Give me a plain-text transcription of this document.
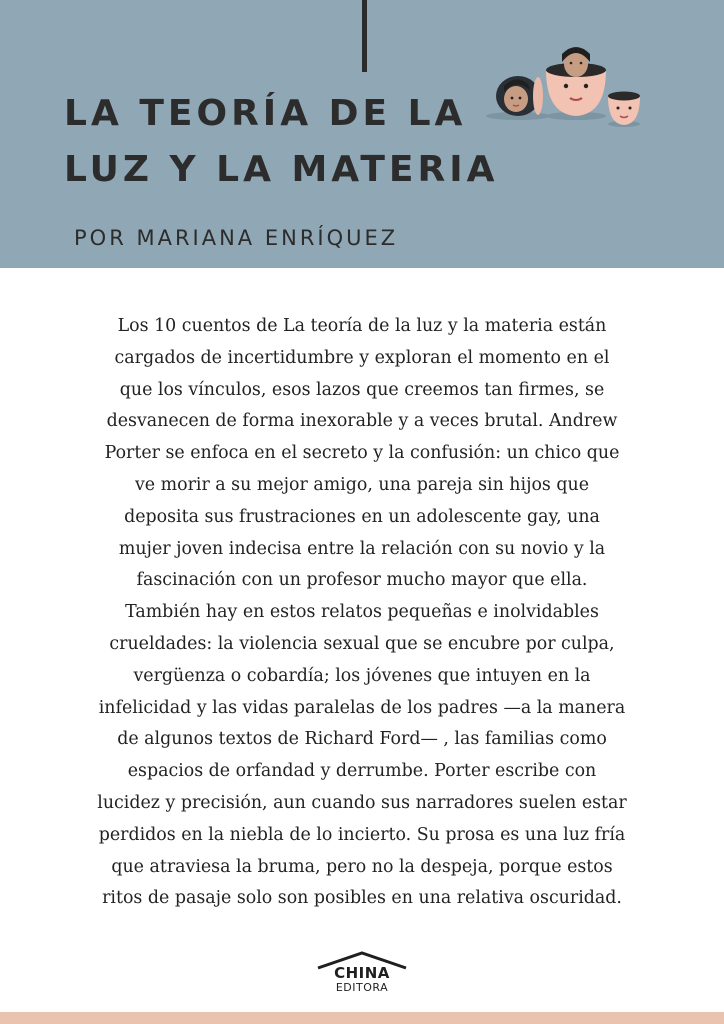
LA TEORÍA DE LA
LUZ Y LA MATERIA
POR MARIANA ENRÍQUEZ

Los 10 cuentos de La teoría de la luz y la materia están
cargados de incertidumbre y exploran el momento en el
que los vínculos, esos lazos que creemos tan firmes, se
desvanecen de forma inexorable y a veces brutal. Andrew
Porter se enfoca en el secreto y la confusión: un chico que
ve morir a su mejor amigo, una pareja sin hijos que
deposita sus frustraciones en un adolescente gay, una
mujer joven indecisa entre la relación con su novio y la
fascinación con un profesor mucho mayor que ella.
También hay en estos relatos pequeñas e inolvidables
crueldades: la violencia sexual que se encubre por culpa,
vergüenza o cobardía; los jóvenes que intuyen en la
infelicidad y las vidas paralelas de los padres —a la manera
de algunos textos de Richard Ford— , las familias como
espacios de orfandad y derrumbe. Porter escribe con
lucidez y precisión, aun cuando sus narradores suelen estar
perdidos en la niebla de lo incierto. Su prosa es una luz fría
que atraviesa la bruma, pero no la despeja, porque estos
ritos de pasaje solo son posibles en una relativa oscuridad.

CHINA
EDITORA
